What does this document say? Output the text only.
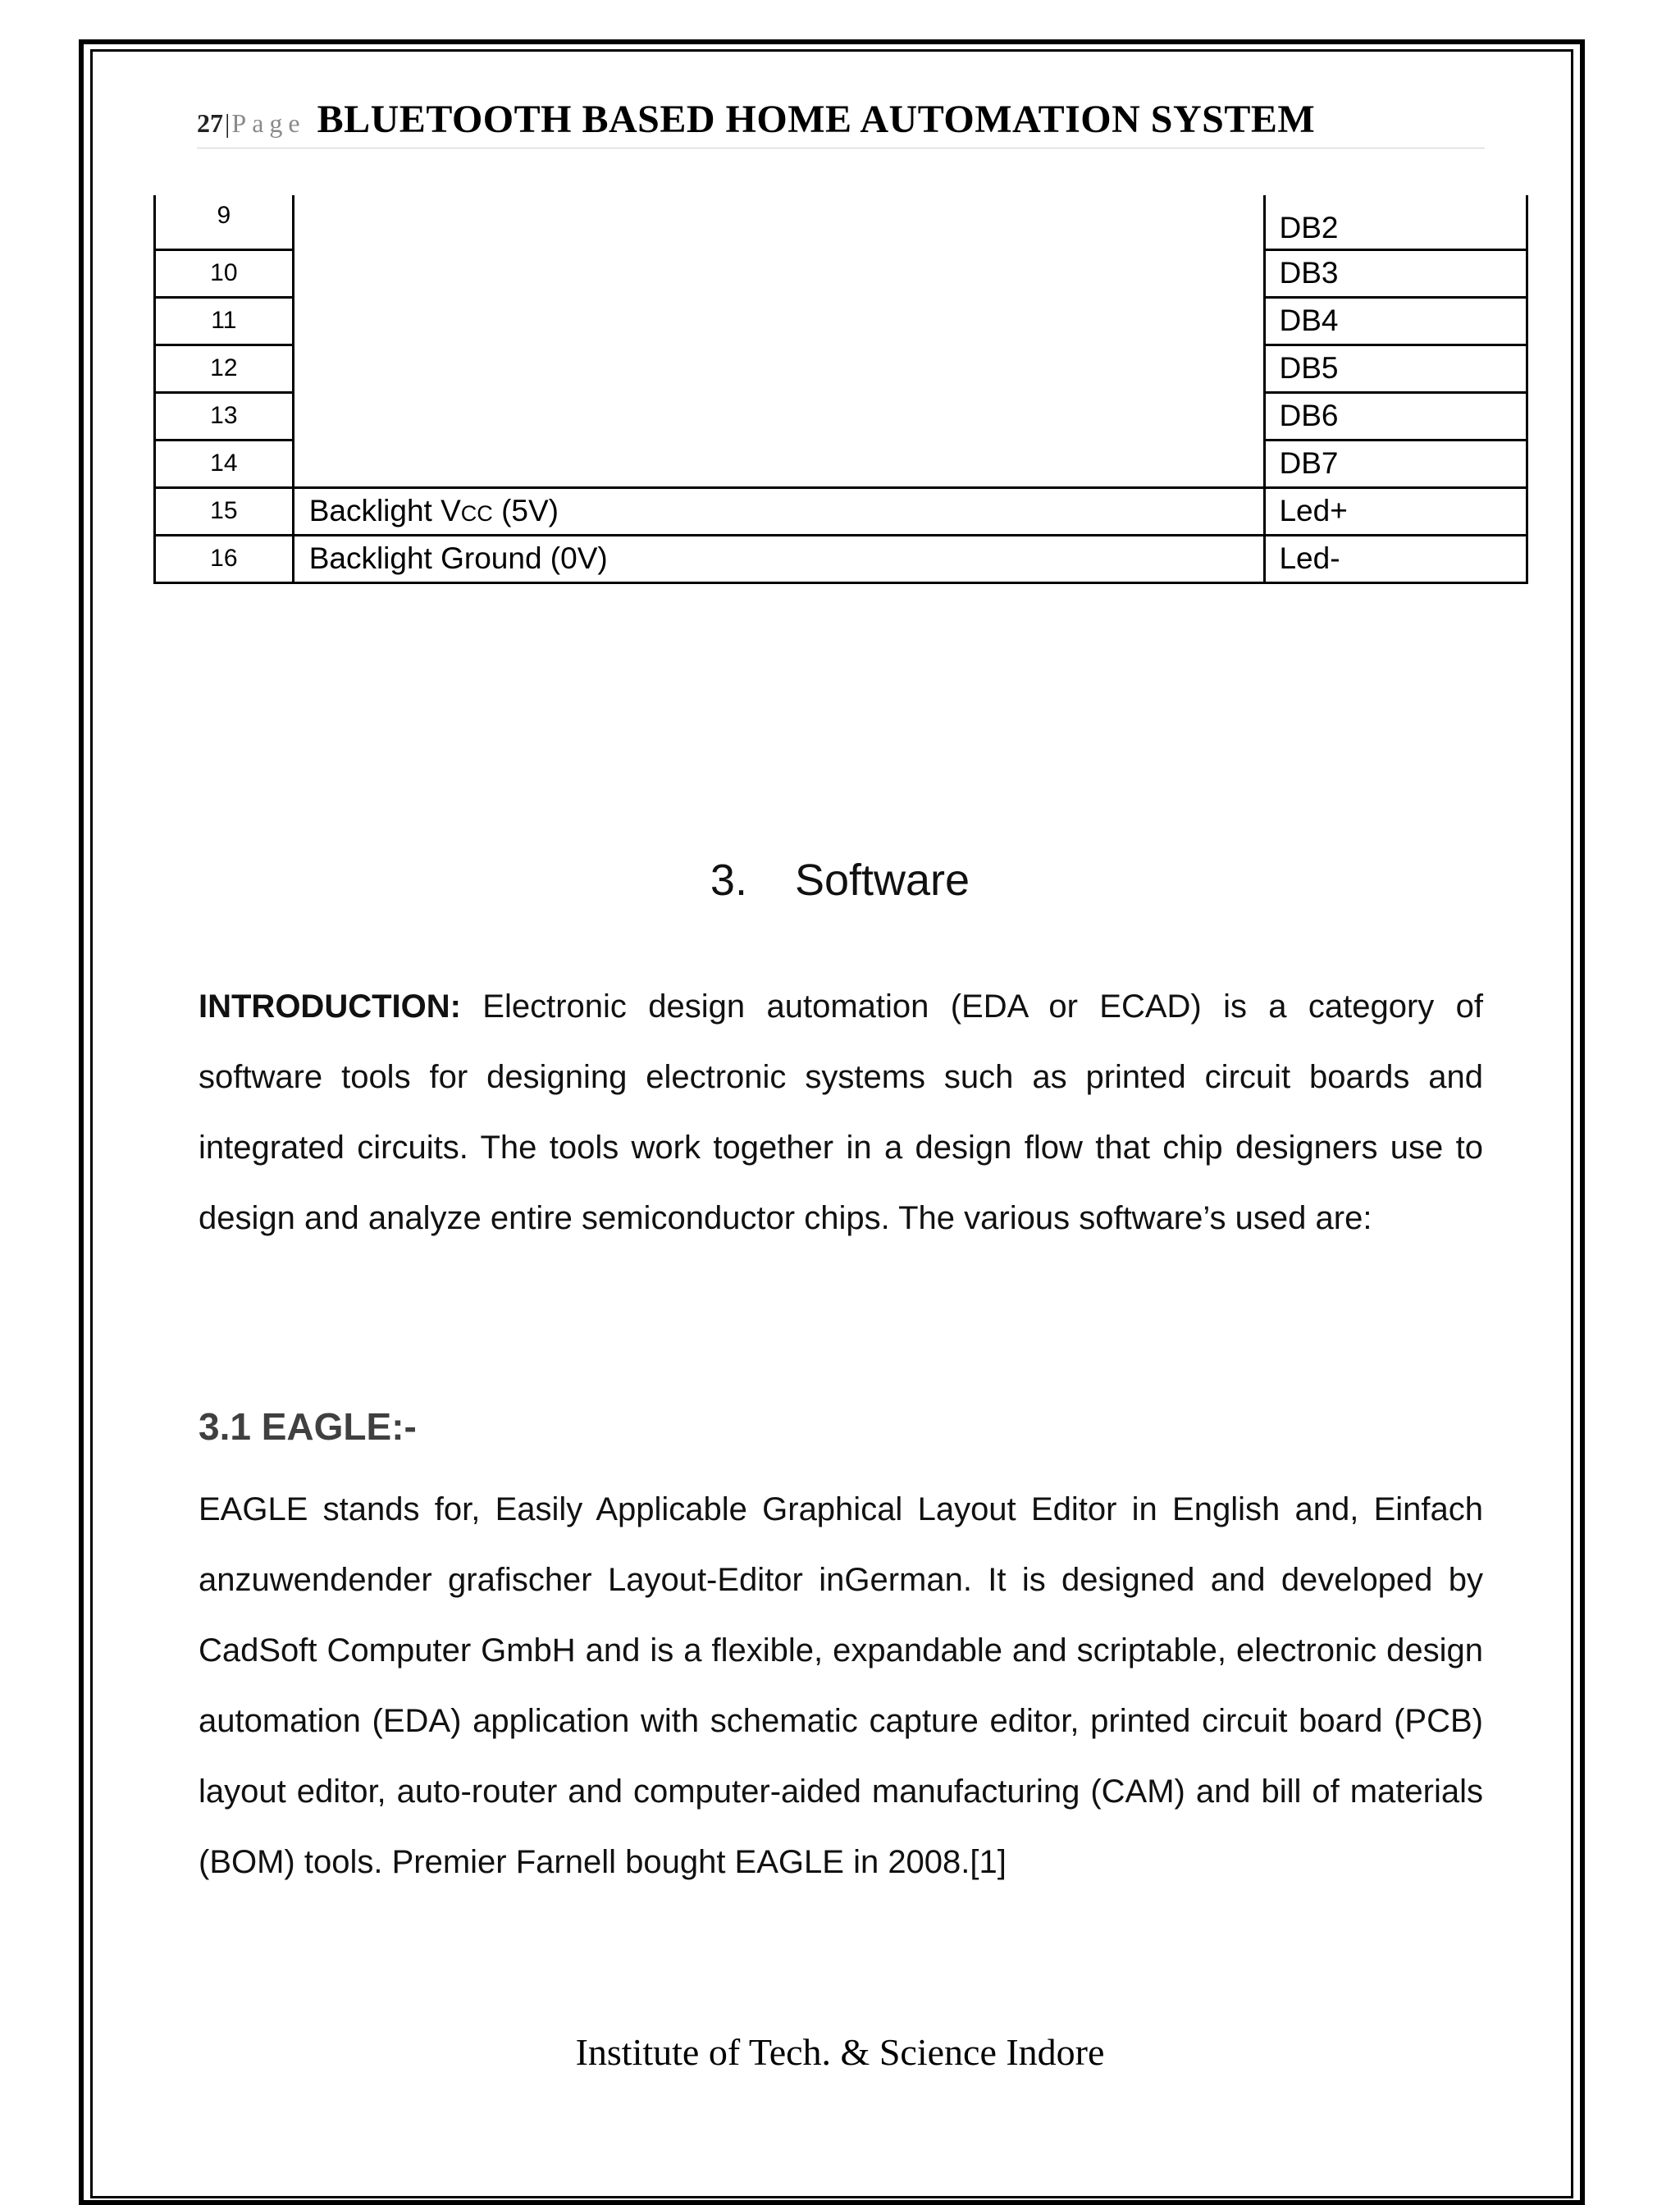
27|Page BLUETOOTH BASED HOME AUTOMATION SYSTEM
9		DB2
10		DB3
11		DB4
12		DB5
13		DB6
14		DB7
15	Backlight VCC (5V)	Led+
16	Backlight Ground (0V)	Led-
3. Software
INTRODUCTION: Electronic design automation (EDA or ECAD) is a category of software tools for designing electronic systems such as printed circuit boards and integrated circuits. The tools work together in a design flow that chip designers use to design and analyze entire semiconductor chips. The various software’s used are:
3.1 EAGLE:-
EAGLE stands for, Easily Applicable Graphical Layout Editor in English and, Einfach anzuwendender grafischer Layout-Editor inGerman. It is designed and developed by CadSoft Computer GmbH and is a flexible, expandable and scriptable, electronic design automation (EDA) application with schematic capture editor, printed circuit board (PCB) layout editor, auto-router and computer-aided manufacturing (CAM) and bill of materials (BOM) tools. Premier Farnell bought EAGLE in 2008.[1]
Institute of Tech. & Science Indore
